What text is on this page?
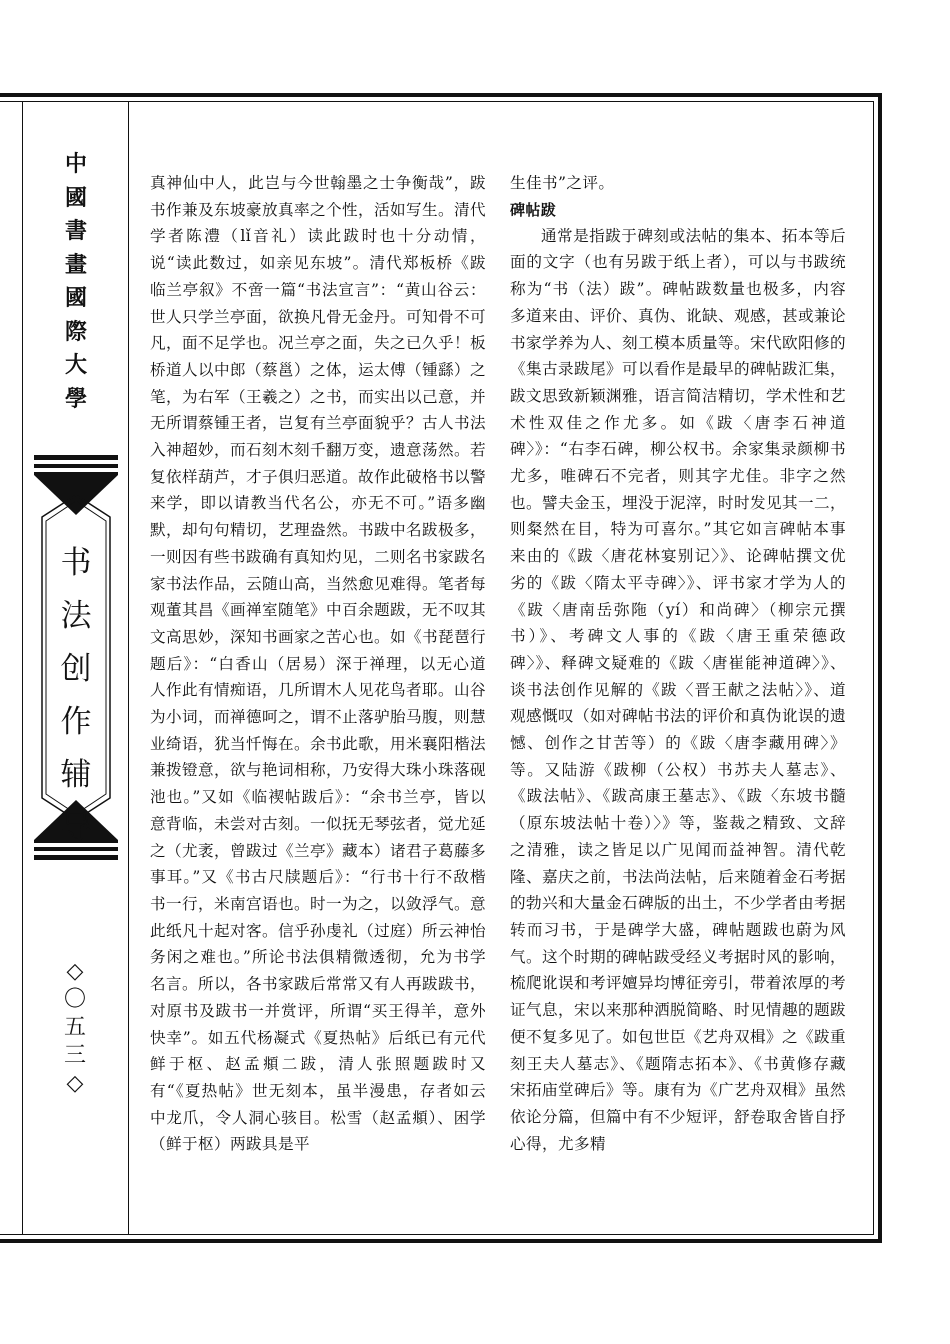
中
國
書
畫
國
際
大
學
书
法
创
作
辅
导
◇
〇
五
三
◇

真神仙中人，此岂与今世翰墨之士争衡哉”，跋书作兼及东坡豪放真率之个性，活如写生。清代学者陈澧（lǐ音礼）读此跋时也十分动情，说“读此数过，如亲见东坡”。清代郑板桥《跋临兰亭叙》不啻一篇“书法宣言”：“黄山谷云：世人只学兰亭面，欲换凡骨无金丹。可知骨不可凡，面不足学也。况兰亭之面，失之已久乎！板桥道人以中郎（蔡邕）之体，运太傅（锺繇）之笔，为右军（王羲之）之书，而实出以己意，并无所谓蔡锺王者，岂复有兰亭面貌乎？古人书法入神超妙，而石刻木刻千翻万变，遗意荡然。若复依样葫芦，才子俱归恶道。故作此破格书以警来学，即以请教当代名公，亦无不可。”语多幽默，却句句精切，艺理盎然。书跋中名跋极多，一则因有些书跋确有真知灼见，二则名书家跋名家书法作品，云随山高，当然愈见难得。笔者每观董其昌《画禅室随笔》中百余题跋，无不叹其文高思妙，深知书画家之苦心也。如《书琵琶行题后》：“白香山（居易）深于禅理，以无心道人作此有情痴语，几所谓木人见花鸟者耶。山谷为小词，而禅德呵之，谓不止落驴胎马腹，则慧业绮语，犹当忏悔在。余书此歌，用米襄阳楷法兼拨镫意，欲与艳词相称，乃安得大珠小珠落砚池也。”又如《临禊帖跋后》：“余书兰亭，皆以意背临，未尝对古刻。一似抚无琴弦者，觉尤延之（尤袤，曾跋过《兰亭》藏本）诸君子葛藤多事耳。”又《书古尺牍题后》：“行书十行不敌楷书一行，米南宫语也。时一为之，以敛浮气。意此纸凡十起对客。信乎孙虔礼（过庭）所云神怡务闲之难也。”所论书法俱精微透彻，允为书学名言。所以，各书家跋后常常又有人再跋跋书，对原书及跋书一并赏评，所谓“买王得羊，意外快幸”。如五代杨凝式《夏热帖》后纸已有元代鲜于枢、赵孟頫二跋，清人张照题跋时又有“《夏热帖》世无刻本，虽半漫患，存者如云中龙爪，令人洞心骇目。松雪（赵孟頫）、困学（鲜于枢）两跋具是平

生佳书”之评。

碑帖跋

通常是指跋于碑刻或法帖的集本、拓本等后面的文字（也有另跋于纸上者），可以与书跋统称为“书（法）跋”。碑帖跋数量也极多，内容多道来由、评价、真伪、讹缺、观感，甚或兼论书家学养为人、刻工模本质量等。宋代欧阳修的《集古录跋尾》可以看作是最早的碑帖跋汇集，跋文思致新颖渊雅，语言简洁精切，学术性和艺术性双佳之作尤多。如《跋〈唐李石神道碑〉》：“右李石碑，柳公权书。余家集录颜柳书尤多，唯碑石不完者，则其字尤佳。非字之然也。譬夫金玉，埋没于泥滓，时时发见其一二，则粲然在目，特为可喜尔。”其它如言碑帖本事来由的《跋〈唐花林宴别记〉》、论碑帖撰文优劣的《跋〈隋太平寺碑〉》、评书家才学为人的《跋〈唐南岳弥陁（yí）和尚碑〉（柳宗元撰书）》、考碑文人事的《跋〈唐王重荣德政碑〉》、释碑文疑难的《跋〈唐崔能神道碑〉》、谈书法创作见解的《跋〈晋王献之法帖〉》、道观感慨叹（如对碑帖书法的评价和真伪讹误的遗憾、创作之甘苦等）的《跋〈唐李藏用碑〉》等。又陆游《跋柳（公权）书苏夫人墓志》、《跋法帖》、《跋高康王墓志》、《跋〈东坡书髓（原东坡法帖十卷）〉》等，鉴裁之精致、文辞之清雅，读之皆足以广见闻而益神智。清代乾隆、嘉庆之前，书法尚法帖，后来随着金石考据的勃兴和大量金石碑版的出土，不少学者由考据转而习书，于是碑学大盛，碑帖题跋也蔚为风气。这个时期的碑帖跋受经义考据时风的影响，梳爬讹误和考评嬗异均博征旁引，带着浓厚的考证气息，宋以来那种洒脱简略、时见情趣的题跋便不复多见了。如包世臣《艺舟双楫》之《跋重刻王夫人墓志》、《题隋志拓本》、《书黄修存藏宋拓庙堂碑后》等。康有为《广艺舟双楫》虽然依论分篇，但篇中有不少短评，舒卷取舍皆自抒心得，尤多精
